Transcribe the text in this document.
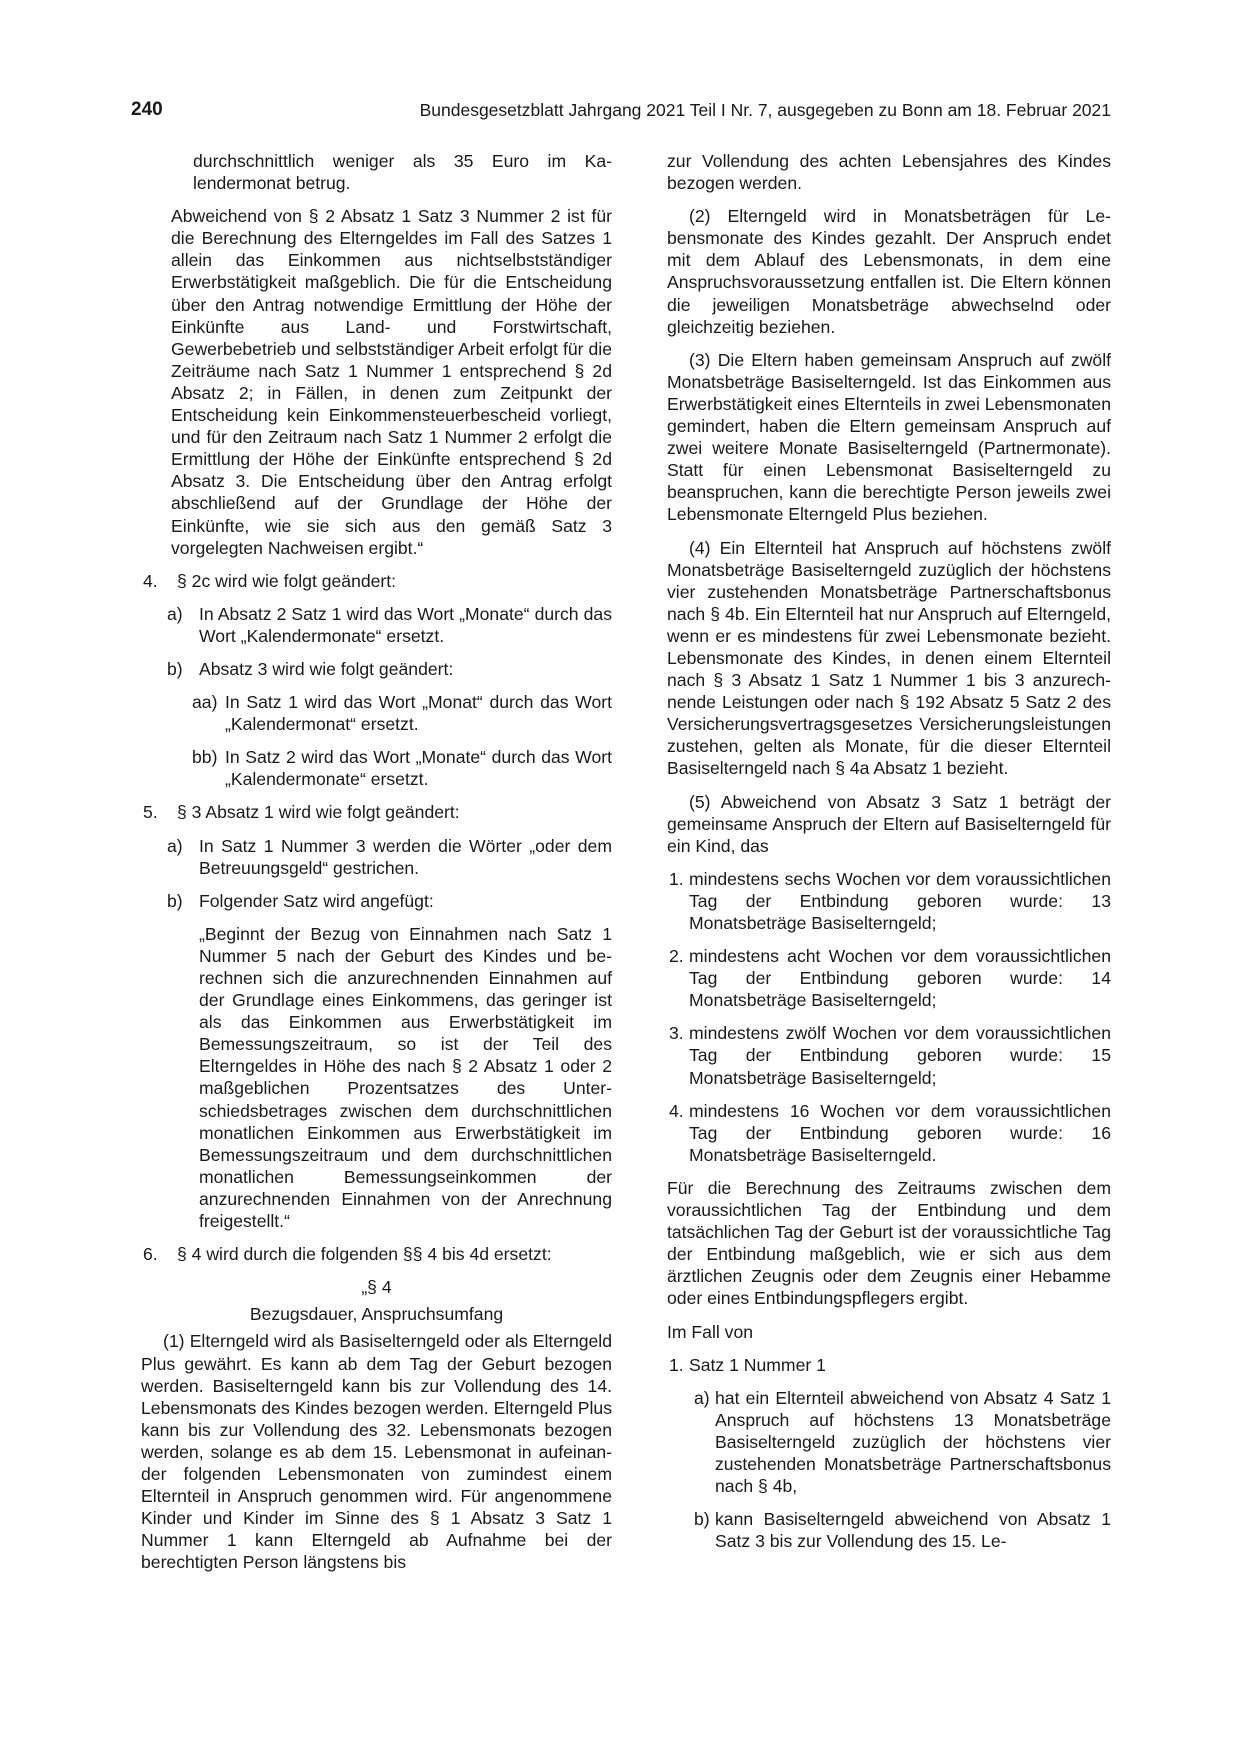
240	Bundesgesetzblatt Jahrgang 2021 Teil I Nr. 7, ausgegeben zu Bonn am 18. Februar 2021

durchschnittlich weniger als 35 Euro im Kalendermonat betrug.

Abweichend von § 2 Absatz 1 Satz 3 Nummer 2 ist für die Berechnung des Elterngeldes im Fall des Satzes 1 allein das Einkommen aus nichtselbstständiger Erwerbstätigkeit maßgeblich. Die für die Entscheidung über den Antrag notwendige Ermittlung der Höhe der Einkünfte aus Land- und Forstwirtschaft, Gewerbebetrieb und selbstständiger Arbeit erfolgt für die Zeiträume nach Satz 1 Nummer 1 entsprechend § 2d Absatz 2; in Fällen, in denen zum Zeitpunkt der Entscheidung kein Einkommensteuerbescheid vorliegt, und für den Zeitraum nach Satz 1 Nummer 2 erfolgt die Ermittlung der Höhe der Einkünfte entsprechend § 2d Absatz 3. Die Entscheidung über den Antrag erfolgt abschließend auf der Grundlage der Höhe der Einkünfte, wie sie sich aus den gemäß Satz 3 vorgelegten Nachweisen ergibt.“

4. § 2c wird wie folgt geändert:
a) In Absatz 2 Satz 1 wird das Wort „Monate“ durch das Wort „Kalendermonate“ ersetzt.
b) Absatz 3 wird wie folgt geändert:
aa) In Satz 1 wird das Wort „Monat“ durch das Wort „Kalendermonat“ ersetzt.
bb) In Satz 2 wird das Wort „Monate“ durch das Wort „Kalendermonate“ ersetzt.
5. § 3 Absatz 1 wird wie folgt geändert:
a) In Satz 1 Nummer 3 werden die Wörter „oder dem Betreuungsgeld“ gestrichen.
b) Folgender Satz wird angefügt:

„Beginnt der Bezug von Einnahmen nach Satz 1 Nummer 5 nach der Geburt des Kindes und berechnen sich die anzurechnenden Einnahmen auf der Grundlage eines Einkommens, das geringer ist als das Einkommen aus Erwerbstätigkeit im Bemessungszeitraum, so ist der Teil des Elterngeldes in Höhe des nach § 2 Absatz 1 oder 2 maßgeblichen Prozentsatzes des Unterschiedsbetrages zwischen dem durchschnittlichen monatlichen Einkommen aus Erwerbstätigkeit im Bemessungszeitraum und dem durchschnittlichen monatlichen Bemessungseinkommen der anzurechnenden Einnahmen von der Anrechnung freigestellt.“

6. § 4 wird durch die folgenden §§ 4 bis 4d ersetzt:
„§ 4
Bezugsdauer, Anspruchsumfang

(1) Elterngeld wird als Basiselterngeld oder als Elterngeld Plus gewährt. Es kann ab dem Tag der Geburt bezogen werden. Basiselterngeld kann bis zur Vollendung des 14. Lebensmonats des Kindes bezogen werden. Elterngeld Plus kann bis zur Vollendung des 32. Lebensmonats bezogen werden, solange es ab dem 15. Lebensmonat in aufeinander folgenden Lebensmonaten von zumindest einem Elternteil in Anspruch genommen wird. Für angenommene Kinder und Kinder im Sinne des § 1 Absatz 3 Satz 1 Nummer 1 kann Elterngeld ab Aufnahme bei der berechtigten Person längstens bis

zur Vollendung des achten Lebensjahres des Kindes bezogen werden.

(2) Elterngeld wird in Monatsbeträgen für Lebensmonate des Kindes gezahlt. Der Anspruch endet mit dem Ablauf des Lebensmonats, in dem eine Anspruchsvoraussetzung entfallen ist. Die Eltern können die jeweiligen Monatsbeträge abwechselnd oder gleichzeitig beziehen.

(3) Die Eltern haben gemeinsam Anspruch auf zwölf Monatsbeträge Basiselterngeld. Ist das Einkommen aus Erwerbstätigkeit eines Elternteils in zwei Lebensmonaten gemindert, haben die Eltern gemeinsam Anspruch auf zwei weitere Monate Basiselterngeld (Partnermonate). Statt für einen Lebensmonat Basiselterngeld zu beanspruchen, kann die berechtigte Person jeweils zwei Lebensmonate Elterngeld Plus beziehen.

(4) Ein Elternteil hat Anspruch auf höchstens zwölf Monatsbeträge Basiselterngeld zuzüglich der höchstens vier zustehenden Monatsbeträge Partnerschaftsbonus nach § 4b. Ein Elternteil hat nur Anspruch auf Elterngeld, wenn er es mindestens für zwei Lebensmonate bezieht. Lebensmonate des Kindes, in denen einem Elternteil nach § 3 Absatz 1 Satz 1 Nummer 1 bis 3 anzurechnende Leistungen oder nach § 192 Absatz 5 Satz 2 des Versicherungsvertragsgesetzes Versicherungsleistungen zustehen, gelten als Monate, für die dieser Elternteil Basiselterngeld nach § 4a Absatz 1 bezieht.

(5) Abweichend von Absatz 3 Satz 1 beträgt der gemeinsame Anspruch der Eltern auf Basiselterngeld für ein Kind, das

1. mindestens sechs Wochen vor dem voraussichtlichen Tag der Entbindung geboren wurde: 13 Monatsbeträge Basiselterngeld;
2. mindestens acht Wochen vor dem voraussichtlichen Tag der Entbindung geboren wurde: 14 Monatsbeträge Basiselterngeld;
3. mindestens zwölf Wochen vor dem voraussichtlichen Tag der Entbindung geboren wurde: 15 Monatsbeträge Basiselterngeld;
4. mindestens 16 Wochen vor dem voraussichtlichen Tag der Entbindung geboren wurde: 16 Monatsbeträge Basiselterngeld.

Für die Berechnung des Zeitraums zwischen dem voraussichtlichen Tag der Entbindung und dem tatsächlichen Tag der Geburt ist der voraussichtliche Tag der Entbindung maßgeblich, wie er sich aus dem ärztlichen Zeugnis oder dem Zeugnis einer Hebamme oder eines Entbindungspflegers ergibt.

Im Fall von

1. Satz 1 Nummer 1
a) hat ein Elternteil abweichend von Absatz 4 Satz 1 Anspruch auf höchstens 13 Monatsbeträge Basiselterngeld zuzüglich der höchstens vier zustehenden Monatsbeträge Partnerschaftsbonus nach § 4b,
b) kann Basiselterngeld abweichend von Absatz 1 Satz 3 bis zur Vollendung des 15. Le-
